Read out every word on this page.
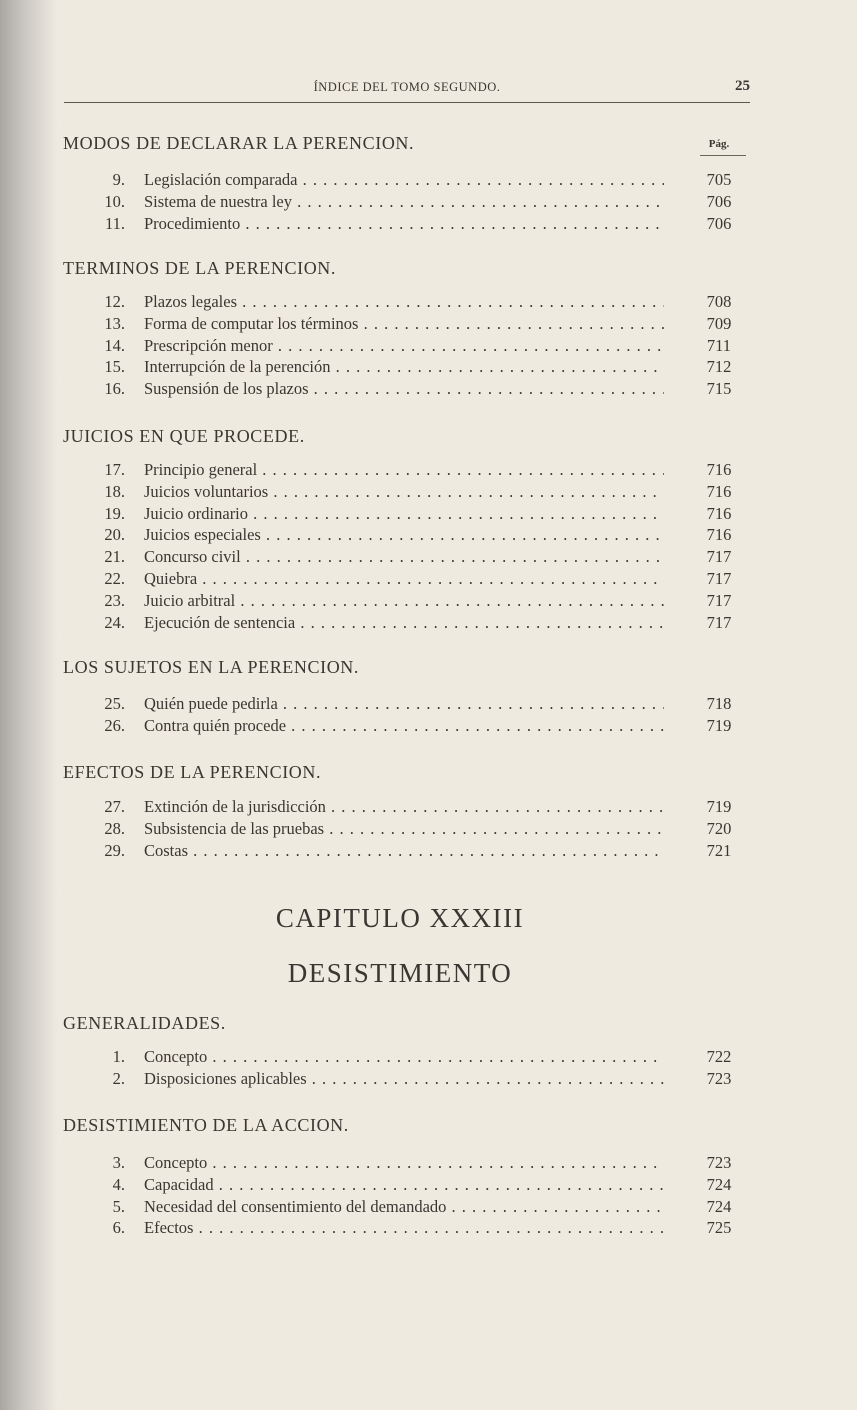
ÍNDICE DEL TOMO SEGUNDO.	25
Pág.
MODOS DE DECLARAR LA PERENCION.
9. Legislación comparada . . .	705
10. Sistema de nuestra ley . . .	706
11. Procedimiento . . .	706
TERMINOS DE LA PERENCION.
12. Plazos legales . . .	708
13. Forma de computar los términos . . .	709
14. Prescripción menor . . .	711
15. Interrupción de la perención . . .	712
16. Suspensión de los plazos . . .	715
JUICIOS EN QUE PROCEDE.
17. Principio general . . .	716
18. Juicios voluntarios . . .	716
19. Juicio ordinario . . .	716
20. Juicios especiales . . .	716
21. Concurso civil . . .	717
22. Quiebra . . .	717
23. Juicio arbitral . . .	717
24. Ejecución de sentencia . . .	717
LOS SUJETOS EN LA PERENCION.
25. Quién puede pedirla . . .	718
26. Contra quién procede . . .	719
EFECTOS DE LA PERENCION.
27. Extinción de la jurisdicción . . .	719
28. Subsistencia de las pruebas . . .	720
29. Costas . . .	721
GENERALIDADES.
1. Concepto . . .	722
2. Disposiciones aplicables . . .	723
DESISTIMIENTO DE LA ACCION.
3. Concepto . . .	723
4. Capacidad . . .	724
5. Necesidad del consentimiento del demandado . . .	724
6. Efectos . . .	725
CAPITULO XXXIII
DESISTIMIENTO
